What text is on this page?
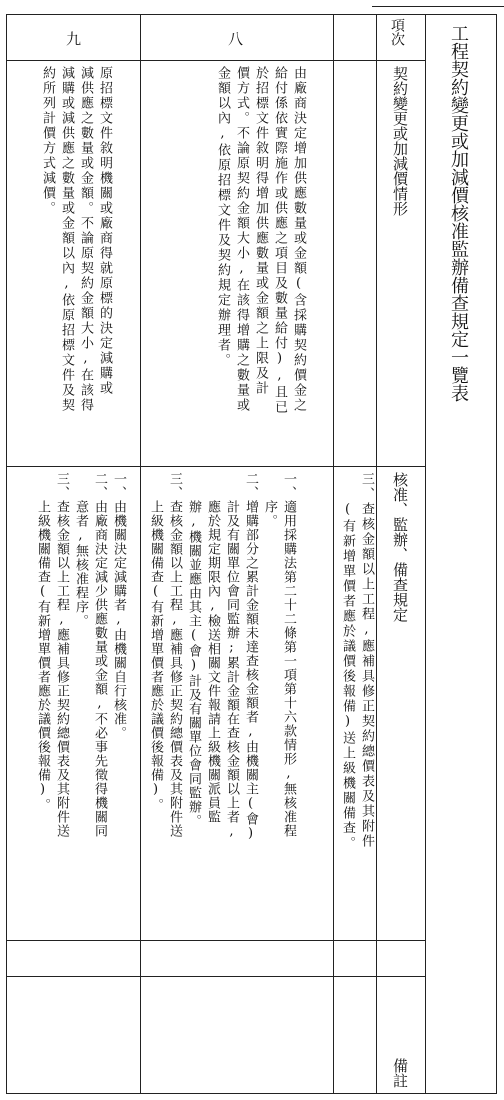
工程契約變更或加減價核准監辦備查規定一覽表
項次
八
九
契約變更或加減價情形
核准、監辦、備查規定
備註
由廠商決定增加供應數量或金額(含採購契約價金之
給付係依實際施作或供應之項目及數量給付),且已
於招標文件敘明得增加供應數量或金額之上限及計
價方式。不論原契約金額大小,在該得增購之數量或
金額以內,依原招標文件及契約規定辦理者。
原招標文件敘明機關或廠商得就原標的決定減購或
減供應之數量或金額。不論原契約金額大小,在該得
減購或減供應之數量或金額以內,依原招標文件及契
約所列計價方式減價。
三、查核金額以上工程,應補具修正契約總價表及其附件
　　(有新增單價者應於議價後報備)送上級機關備查。
一、適用採購法第二十二條第一項第十六款情形,無核准程
　　序。
二、增購部分之累計金額未達查核金額者,由機關主(會)
　　計及有關單位會同監辦;累計金額在查核金額以上者,
　　應於規定期限內,檢送相關文件報請上級機關派員監
　　辦,機關並應由其主(會)計及有關單位會同監辦。
三、查核金額以上工程,應補具修正契約總價表及其附件送
　　上級機關備查(有新增單價者應於議價後報備)。
一、由機關決定減購者,由機關自行核准。
二、由廠商決定減少供應數量或金額,不必事先徵得機關同
　　意者,無核准程序。
三、查核金額以上工程,應補具修正契約總價表及其附件送
　　上級機關備查(有新增單價者應於議價後報備)。
